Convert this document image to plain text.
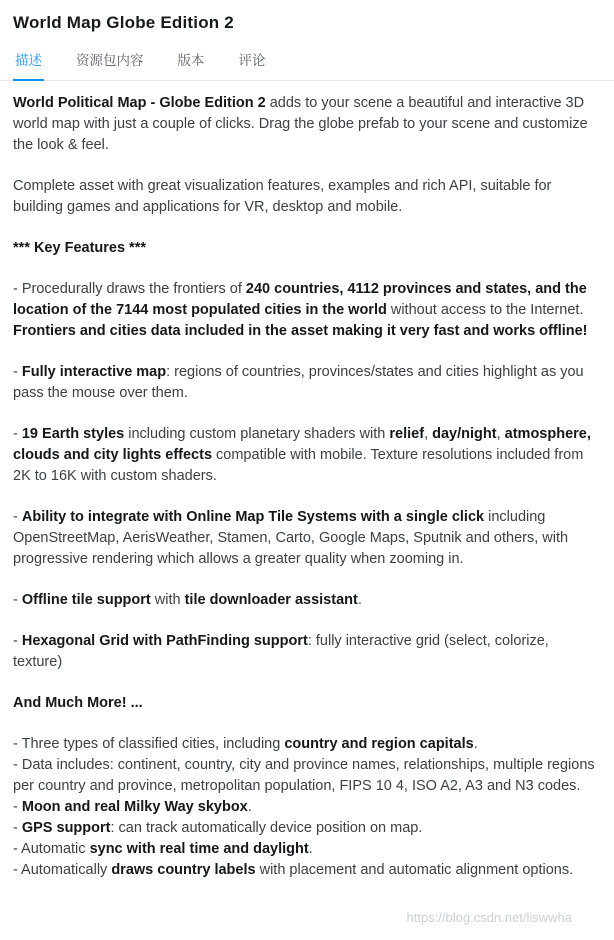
World Map Globe Edition 2
描述	资源包内容	版本	评论

World Political Map - Globe Edition 2 adds to your scene a beautiful and interactive 3D world map with just a couple of clicks. Drag the globe prefab to your scene and customize the look & feel.

Complete asset with great visualization features, examples and rich API, suitable for building games and applications for VR, desktop and mobile.

*** Key Features ***

- Procedurally draws the frontiers of 240 countries, 4112 provinces and states, and the location of the 7144 most populated cities in the world without access to the Internet. Frontiers and cities data included in the asset making it very fast and works offline!

- Fully interactive map: regions of countries, provinces/states and cities highlight as you pass the mouse over them.

- 19 Earth styles including custom planetary shaders with relief, day/night, atmosphere, clouds and city lights effects compatible with mobile. Texture resolutions included from 2K to 16K with custom shaders.

- Ability to integrate with Online Map Tile Systems with a single click including OpenStreetMap, AerisWeather, Stamen, Carto, Google Maps, Sputnik and others, with progressive rendering which allows a greater quality when zooming in.

- Offline tile support with tile downloader assistant.

- Hexagonal Grid with PathFinding support: fully interactive grid (select, colorize, texture)

And Much More! ...

- Three types of classified cities, including country and region capitals.

- Data includes: continent, country, city and province names, relationships, multiple regions per country and province, metropolitan population, FIPS 10 4, ISO A2, A3 and N3 codes.

- Moon and real Milky Way skybox.

- GPS support: can track automatically device position on map.

- Automatic sync with real time and daylight.

- Automatically draws country labels with placement and automatic alignment options.

https://blog.csdn.net/liswwha
